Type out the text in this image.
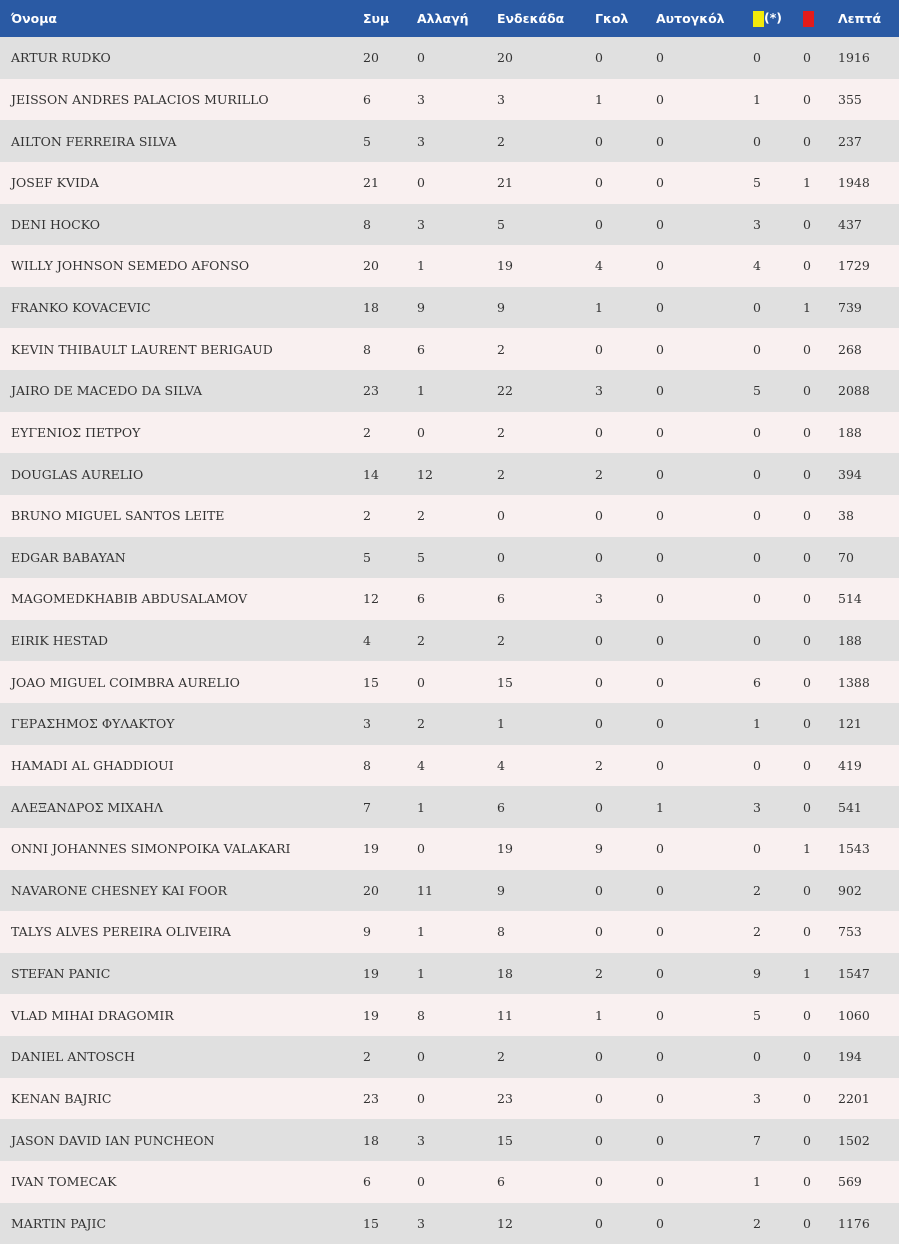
Όνομα	Συμ	Αλλαγή	Ενδεκάδα	Γκολ	Αυτογκόλ	(*)		Λεπτά
ARTUR RUDKO	20	0	20	0	0	0	0	1916
JEISSON ANDRES PALACIOS MURILLO	6	3	3	1	0	1	0	355
AILTON FERREIRA SILVA	5	3	2	0	0	0	0	237
JOSEF KVIDA	21	0	21	0	0	5	1	1948
DENI HOCKO	8	3	5	0	0	3	0	437
WILLY JOHNSON SEMEDO AFONSO	20	1	19	4	0	4	0	1729
FRANKO KOVACEVIC	18	9	9	1	0	0	1	739
KEVIN THIBAULT LAURENT BERIGAUD	8	6	2	0	0	0	0	268
JAIRO DE MACEDO DA SILVA	23	1	22	3	0	5	0	2088
ΕΥΓΕΝΙΟΣ ΠΕΤΡΟΥ	2	0	2	0	0	0	0	188
DOUGLAS AURELIO	14	12	2	2	0	0	0	394
BRUNO MIGUEL SANTOS LEITE	2	2	0	0	0	0	0	38
EDGAR BABAYAN	5	5	0	0	0	0	0	70
MAGOMEDKHABIB ABDUSALAMOV	12	6	6	3	0	0	0	514
EIRIK HESTAD	4	2	2	0	0	0	0	188
JOAO MIGUEL COIMBRA AURELIO	15	0	15	0	0	6	0	1388
ΓΕΡΑΣΗΜΟΣ ΦΥΛΑΚΤΟΥ	3	2	1	0	0	1	0	121
HAMADI AL GHADDIOUI	8	4	4	2	0	0	0	419
ΑΛΕΞΑΝΔΡΟΣ ΜΙΧΑΗΛ	7	1	6	0	1	3	0	541
ONNI JOHANNES SIMONPOIKA VALAKARI	19	0	19	9	0	0	1	1543
NAVARONE CHESNEY KAI FOOR	20	11	9	0	0	2	0	902
TALYS ALVES PEREIRA OLIVEIRA	9	1	8	0	0	2	0	753
STEFAN PANIC	19	1	18	2	0	9	1	1547
VLAD MIHAI DRAGOMIR	19	8	11	1	0	5	0	1060
DANIEL ANTOSCH	2	0	2	0	0	0	0	194
KENAN BAJRIC	23	0	23	0	0	3	0	2201
JASON DAVID IAN PUNCHEON	18	3	15	0	0	7	0	1502
IVAN TOMECAK	6	0	6	0	0	1	0	569
MARTIN PAJIC	15	3	12	0	0	2	0	1176
